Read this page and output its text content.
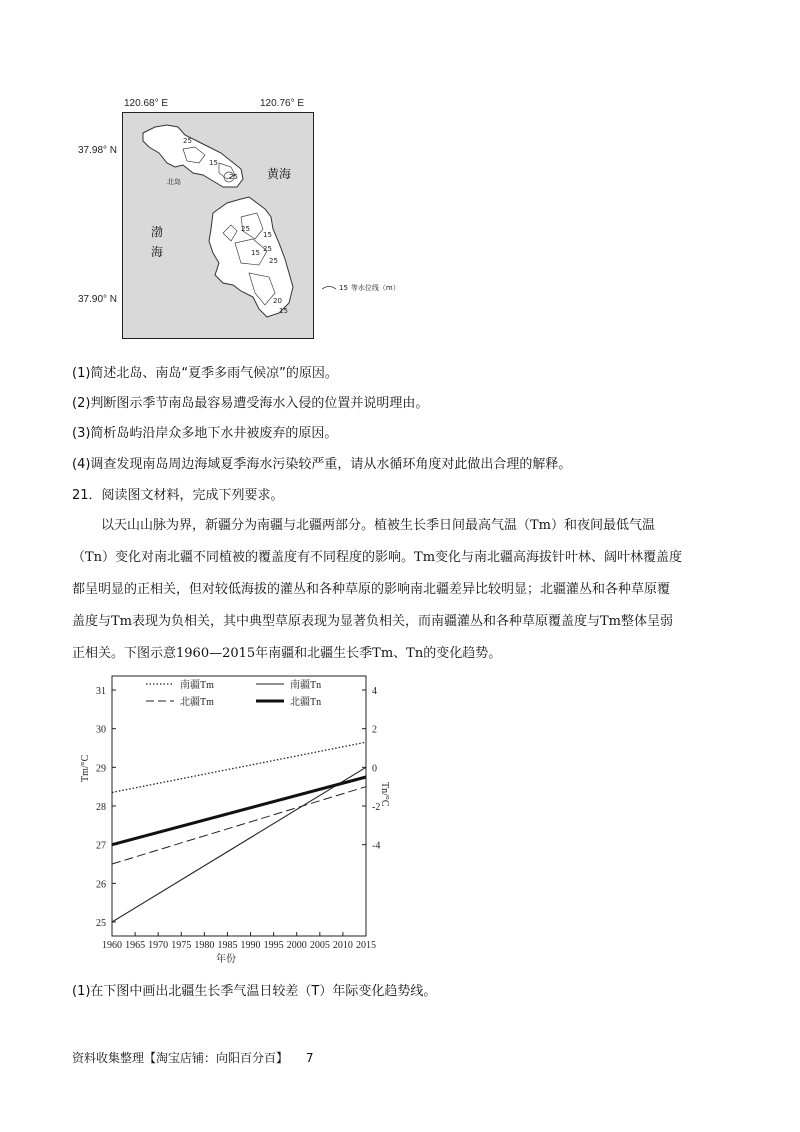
120.68° E	120.76° E
37.98° N
37.90° N
25
15
25
15
25
15 25
25
20
15
北岛
黄海
渤
海
15 等水位线（m）
(1)简述北岛、南岛“夏季多雨气候凉”的原因。
(2)判断图示季节南岛最容易遭受海水入侵的位置并说明理由。
(3)简析岛屿沿岸众多地下水井被废弃的原因。
(4)调查发现南岛周边海域夏季海水污染较严重，请从水循环角度对此做出合理的解释。
21．阅读图文材料，完成下列要求。
以天山山脉为界，新疆分为南疆与北疆两部分。植被生长季日间最高气温（Tm）和夜间最低气温
（Tn）变化对南北疆不同植被的覆盖度有不同程度的影响。Tm变化与南北疆高海拔针叶林、阔叶林覆盖度
都呈明显的正相关，但对较低海拔的灌丛和各种草原的影响南北疆差异比较明显；北疆灌丛和各种草原覆
盖度与Tm表现为负相关，其中典型草原表现为显著负相关，而南疆灌丛和各种草原覆盖度与Tm整体呈弱
正相关。下图示意1960—2015年南疆和北疆生长季Tm、Tn的变化趋势。
1960 1965 1970 1975 1980 1985 1990 1995 2000 2005 2010 2015
25
26
27
28
29
30
31
-4
-2
0
2
4
南疆Tm	南疆Tn
北疆Tm	北疆Tn
Tm/°C
Tn/°C
年份
(1)在下图中画出北疆生长季气温日较差（T）年际变化趋势线。
资料收集整理【淘宝店铺：向阳百分百】 7
